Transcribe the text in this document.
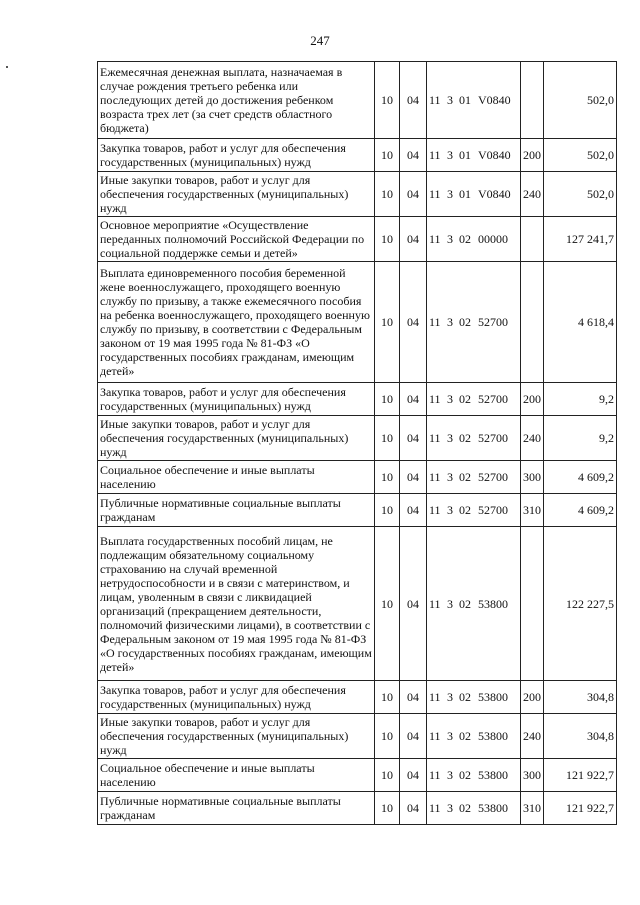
247
Ежемесячная денежная выплата, назначаемая в случае рождения третьего ребенка или последующих детей до достижения ребенком возраста трех лет (за счет средств областного бюджета)	10	04	11 3 01 V0840		502,0
Закупка товаров, работ и услуг для обеспечения государственных (муниципальных) нужд	10	04	11 3 01 V0840	200	502,0
Иные закупки товаров, работ и услуг для обеспечения государственных (муниципальных) нужд	10	04	11 3 01 V0840	240	502,0
Основное мероприятие «Осуществление переданных полномочий Российской Федерации по социальной поддержке семьи и детей»	10	04	11 3 02 00000		127 241,7
Выплата единовременного пособия беременной жене военнослужащего, проходящего военную службу по призыву, а также ежемесячного пособия на ребенка военнослужащего, проходящего военную службу по призыву, в соответствии с Федеральным законом от 19 мая 1995 года № 81-ФЗ «О государственных пособиях гражданам, имеющим детей»	10	04	11 3 02 52700		4 618,4
Закупка товаров, работ и услуг для обеспечения государственных (муниципальных) нужд	10	04	11 3 02 52700	200	9,2
Иные закупки товаров, работ и услуг для обеспечения государственных (муниципальных) нужд	10	04	11 3 02 52700	240	9,2
Социальное обеспечение и иные выплаты населению	10	04	11 3 02 52700	300	4 609,2
Публичные нормативные социальные выплаты гражданам	10	04	11 3 02 52700	310	4 609,2
Выплата государственных пособий лицам, не подлежащим обязательному социальному страхованию на случай временной нетрудоспособности и в связи с материнством, и лицам, уволенным в связи с ликвидацией организаций (прекращением деятельности, полномочий физическими лицами), в соответствии с Федеральным законом от 19 мая 1995 года № 81-ФЗ «О государственных пособиях гражданам, имеющим детей»	10	04	11 3 02 53800		122 227,5
Закупка товаров, работ и услуг для обеспечения государственных (муниципальных) нужд	10	04	11 3 02 53800	200	304,8
Иные закупки товаров, работ и услуг для обеспечения государственных (муниципальных) нужд	10	04	11 3 02 53800	240	304,8
Социальное обеспечение и иные выплаты населению	10	04	11 3 02 53800	300	121 922,7
Публичные нормативные социальные выплаты гражданам	10	04	11 3 02 53800	310	121 922,7
